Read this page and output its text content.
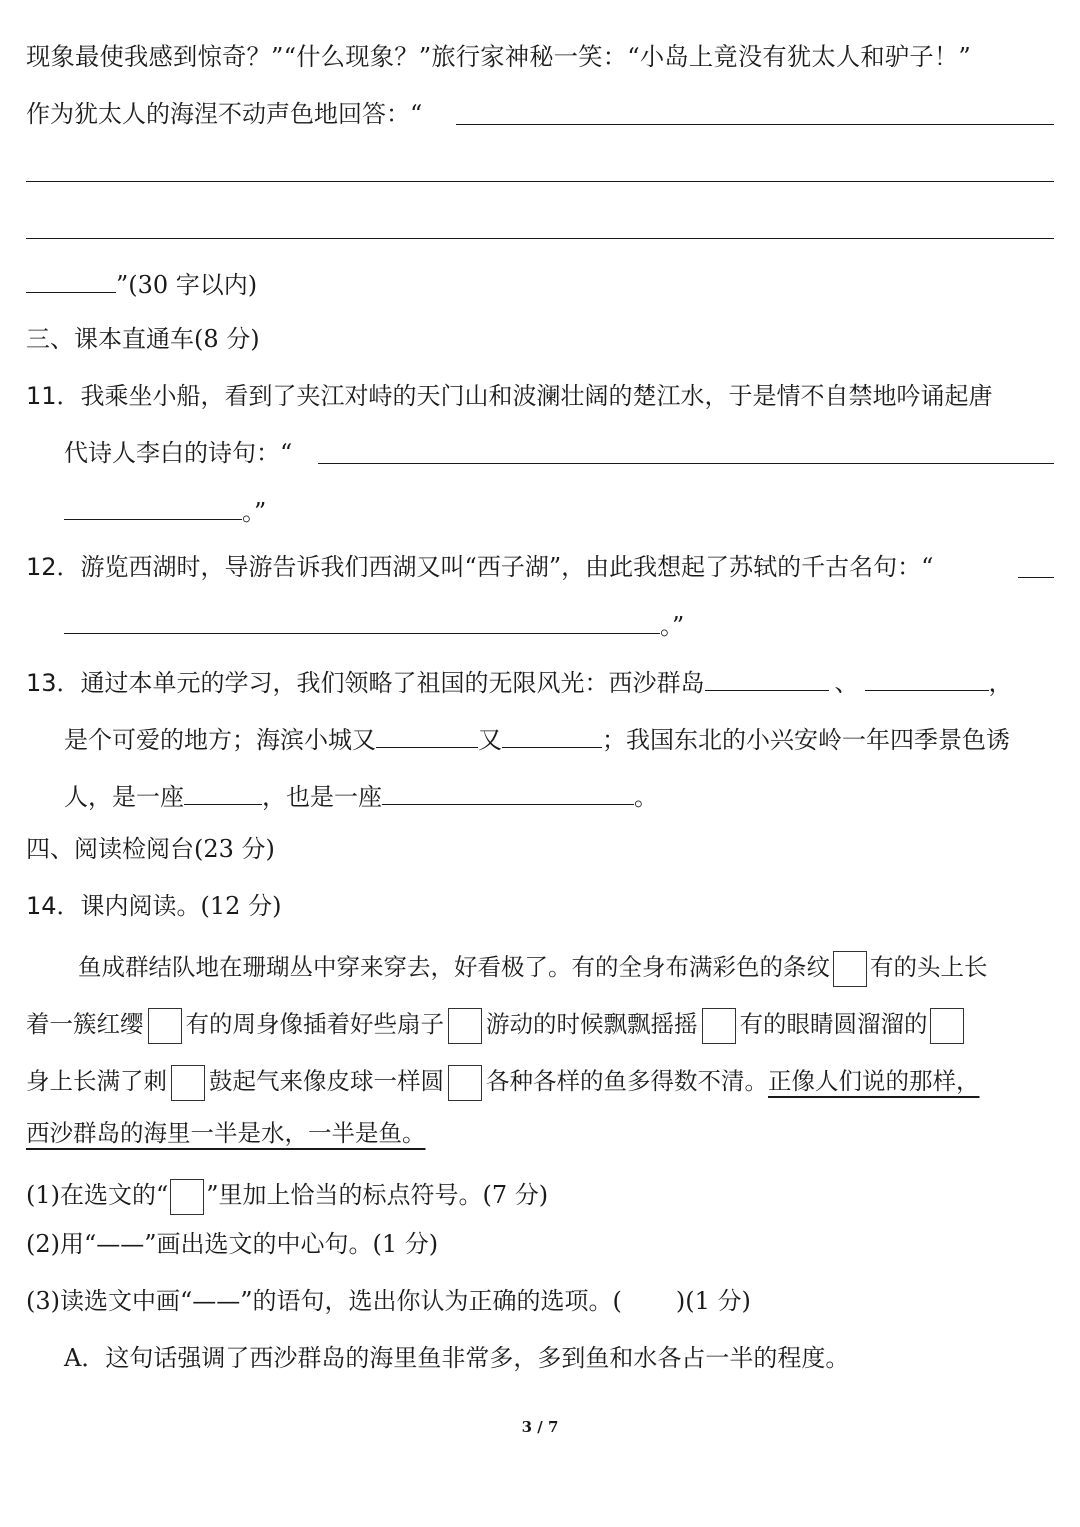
现象最使我感到惊奇？”“什么现象？”旅行家神秘一笑：“小岛上竟没有犹太人和驴子！”
作为犹太人的海涅不动声色地回答：“
”(30 字以内)
三、课本直通车(8 分)
11．我乘坐小船，看到了夹江对峙的天门山和波澜壮阔的楚江水，于是情不自禁地吟诵起唐
代诗人李白的诗句：“
。”
12．游览西湖时，导游告诉我们西湖又叫“西子湖”，由此我想起了苏轼的千古名句：“
。”
13．通过本单元的学习，我们领略了祖国的无限风光：西沙群岛	、	，
是个可爱的地方；海滨小城又	又	；我国东北的小兴安岭一年四季景色诱
人，是一座	，也是一座	。
四、阅读检阅台(23 分)
14．课内阅读。(12 分)
鱼成群结队地在珊瑚丛中穿来穿去，好看极了。有的全身布满彩色的条纹 有的头上长
着一簇红缨 有的周身像插着好些扇子 游动的时候飘飘摇摇 有的眼睛圆溜溜的
身上长满了刺 鼓起气来像皮球一样圆 各种各样的鱼多得数不清。正像人们说的那样，
西沙群岛的海里一半是水，一半是鱼。
(1)在选文的“ ”里加上恰当的标点符号。(7 分)
(2)用“——”画出选文的中心句。(1 分)
(3)读选文中画“——”的语句，选出你认为正确的选项。( )(1 分)
A．这句话强调了西沙群岛的海里鱼非常多，多到鱼和水各占一半的程度。
3 / 7
